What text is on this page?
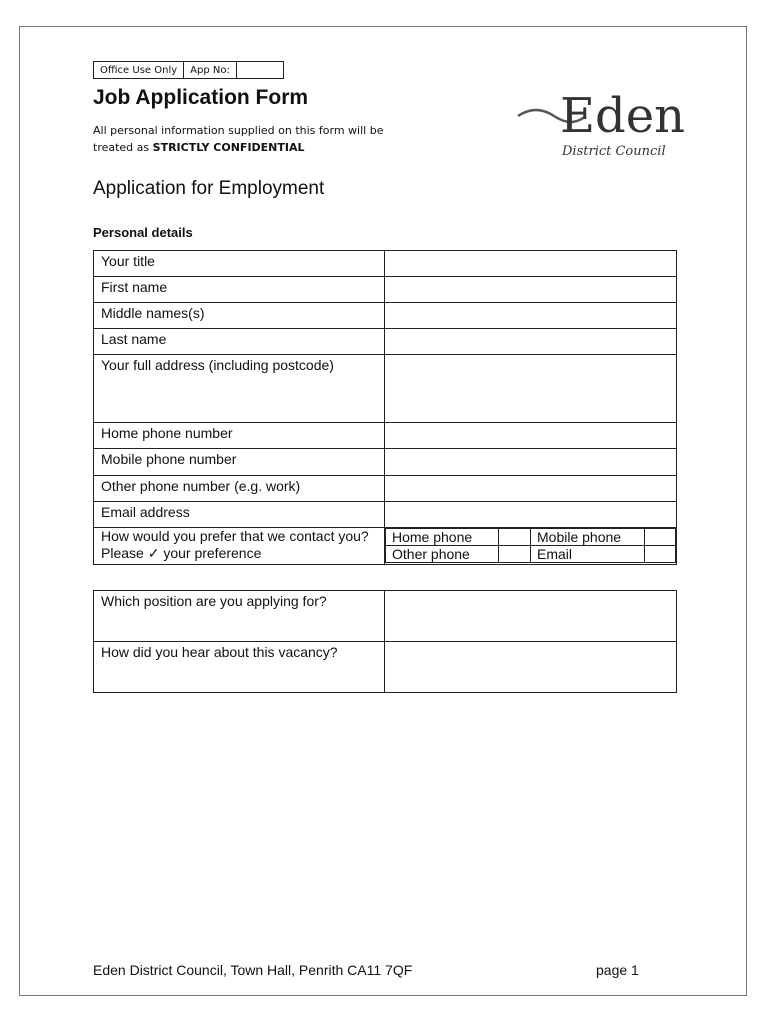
Office Use Only	App No:	
Job Application Form
All personal information supplied on this form will be treated as STRICTLY CONFIDENTIAL
Eden
District Council
Application for Employment
Personal details
Your title	
First name	
Middle names(s)	
Last name	
Your full address (including postcode)	
Home phone number	
Mobile phone number	
Other phone number (e.g. work)	
Email address	
How would you prefer that we contact you? Please ✓ your preference	
Home phone		Mobile phone	
Other phone		Email	
Which position are you applying for?	
How did you hear about this vacancy?	
Eden District Council, Town Hall, Penrith CA11 7QF	page 1
